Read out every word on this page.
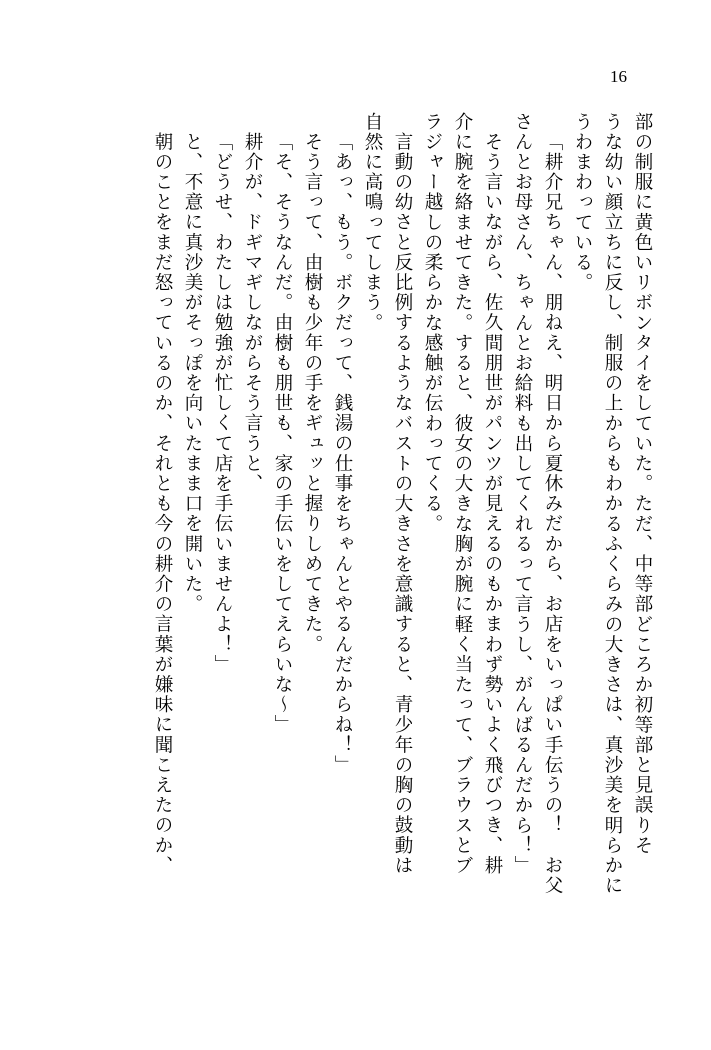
16
部の制服に黄色いリボンタイをしていた。ただ、中等部どころか初等部と見誤りそ
うな幼い顔立ちに反し、制服の上からもわかるふくらみの大きさは、真沙美を明らかに
うわまわっている。
「耕介兄ちゃん、朋ねえ、明日から夏休みだから、お店をいっぱい手伝うの！　お父
さんとお母さん、ちゃんとお給料も出してくれるって言うし、がんばるんだから！」
そう言いながら、佐久間朋世がパンツが見えるのもかまわず勢いよく飛びつき、耕
介に腕を絡ませてきた。すると、彼女の大きな胸が腕に軽く当たって、ブラウスとブ
ラジャー越しの柔らかな感触が伝わってくる。
言動の幼さと反比例するようなバストの大きさを意識すると、青少年の胸の鼓動は
自然に高鳴ってしまう。
「あっ、もう。ボクだって、銭湯の仕事をちゃんとやるんだからね！」
そう言って、由樹も少年の手をギュッと握りしめてきた。
「そ、そうなんだ。由樹も朋世も、家の手伝いをしてえらいな〜」
耕介が、ドギマギしながらそう言うと、
「どうせ、わたしは勉強が忙しくて店を手伝いませんよ！」
と、不意に真沙美がそっぽを向いたまま口を開いた。
朝のことをまだ怒っているのか、それとも今の耕介の言葉が嫌味に聞こえたのか、
